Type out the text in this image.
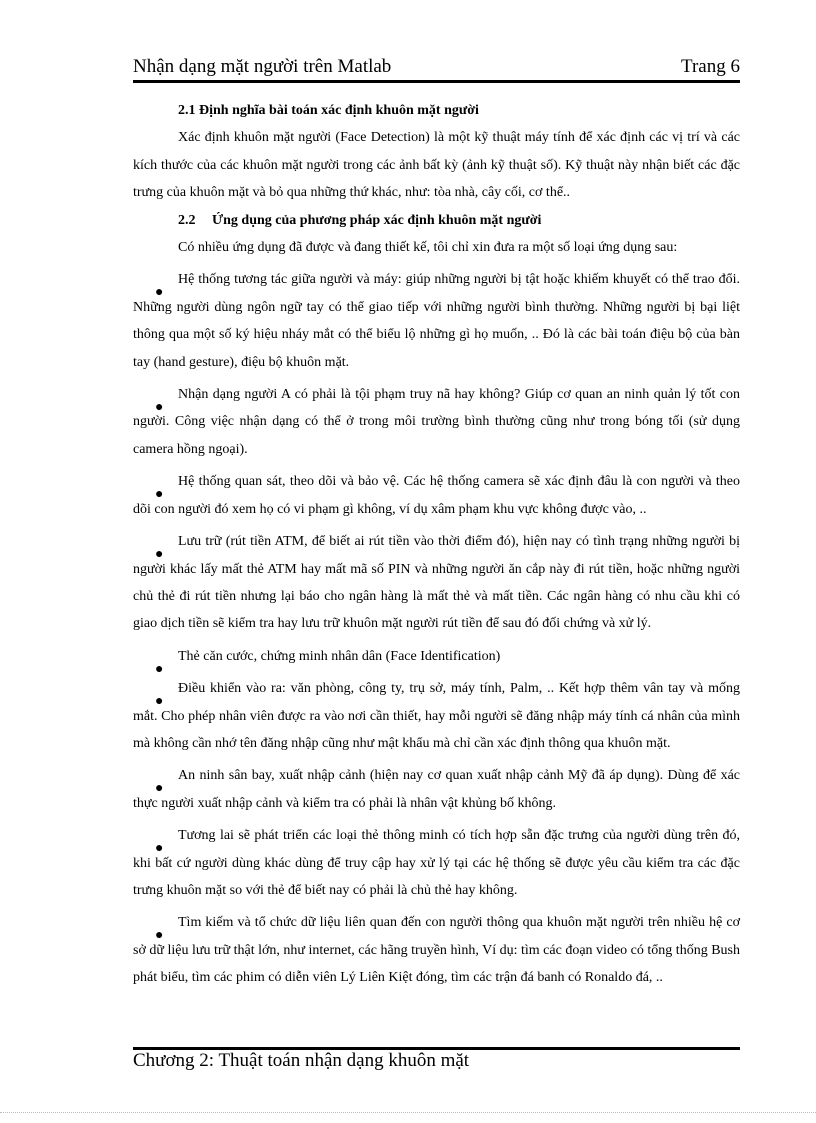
Nhận dạng mặt người trên Matlab	Trang 6

2.1 Định nghĩa bài toán xác định khuôn mặt người

Xác định khuôn mặt người (Face Detection) là một kỹ thuật máy tính để xác định các vị trí và các kích thước của các khuôn mặt người trong các ảnh bất kỳ (ảnh kỹ thuật số). Kỹ thuật này nhận biết các đặc trưng của khuôn mặt và bỏ qua những thứ khác, như: tòa nhà, cây cối, cơ thể..

2.2 Ứng dụng của phương pháp xác định khuôn mặt người

Có nhiều ứng dụng đã được và đang thiết kế, tôi chỉ xin đưa ra một số loại ứng dụng sau:

●
Hệ thống tương tác giữa người và máy: giúp những người bị tật hoặc khiếm khuyết có thể trao đổi. Những người dùng ngôn ngữ tay có thể giao tiếp với những người bình thường. Những người bị bại liệt thông qua một số ký hiệu nháy mắt có thể biểu lộ những gì họ muốn, .. Đó là các bài toán điệu bộ của bàn tay (hand gesture), điệu bộ khuôn mặt.

●
Nhận dạng người A có phải là tội phạm truy nã hay không? Giúp cơ quan an ninh quản lý tốt con người. Công việc nhận dạng có thể ở trong môi trường bình thường cũng như trong bóng tối (sử dụng camera hồng ngoại).

●
Hệ thống quan sát, theo dõi và bảo vệ. Các hệ thống camera sẽ xác định đâu là con người và theo dõi con người đó xem họ có vi phạm gì không, ví dụ xâm phạm khu vực không được vào, ..

●
Lưu trữ (rút tiền ATM, để biết ai rút tiền vào thời điểm đó), hiện nay có tình trạng những người bị người khác lấy mất thẻ ATM hay mất mã số PIN và những người ăn cắp này đi rút tiền, hoặc những người chủ thẻ đi rút tiền nhưng lại báo cho ngân hàng là mất thẻ và mất tiền. Các ngân hàng có nhu cầu khi có giao dịch tiền sẽ kiểm tra hay lưu trữ khuôn mặt người rút tiền để sau đó đối chứng và xử lý.

●
Thẻ căn cước, chứng minh nhân dân (Face Identification)

●
Điều khiển vào ra: văn phòng, công ty, trụ sở, máy tính, Palm, .. Kết hợp thêm vân tay và mống mắt. Cho phép nhân viên được ra vào nơi cần thiết, hay mỗi người sẽ đăng nhập máy tính cá nhân của mình mà không cần nhớ tên đăng nhập cũng như mật khẩu mà chỉ cần xác định thông qua khuôn mặt.

●
An ninh sân bay, xuất nhập cảnh (hiện nay cơ quan xuất nhập cảnh Mỹ đã áp dụng). Dùng để xác thực người xuất nhập cảnh và kiểm tra có phải là nhân vật khủng bố không.

●
Tương lai sẽ phát triển các loại thẻ thông minh có tích hợp sẵn đặc trưng của người dùng trên đó, khi bất cứ người dùng khác dùng để truy cập hay xử lý tại các hệ thống sẽ được yêu cầu kiểm tra các đặc trưng khuôn mặt so với thẻ để biết nay có phải là chủ thẻ hay không.

●
Tìm kiếm và tổ chức dữ liệu liên quan đến con người thông qua khuôn mặt người trên nhiều hệ cơ sở dữ liệu lưu trữ thật lớn, như internet, các hãng truyền hình, Ví dụ: tìm các đoạn video có tổng thống Bush phát biểu, tìm các phim có diễn viên Lý Liên Kiệt đóng, tìm các trận đá banh có Ronaldo đá, ..

Chương 2: Thuật toán nhận dạng khuôn mặt
